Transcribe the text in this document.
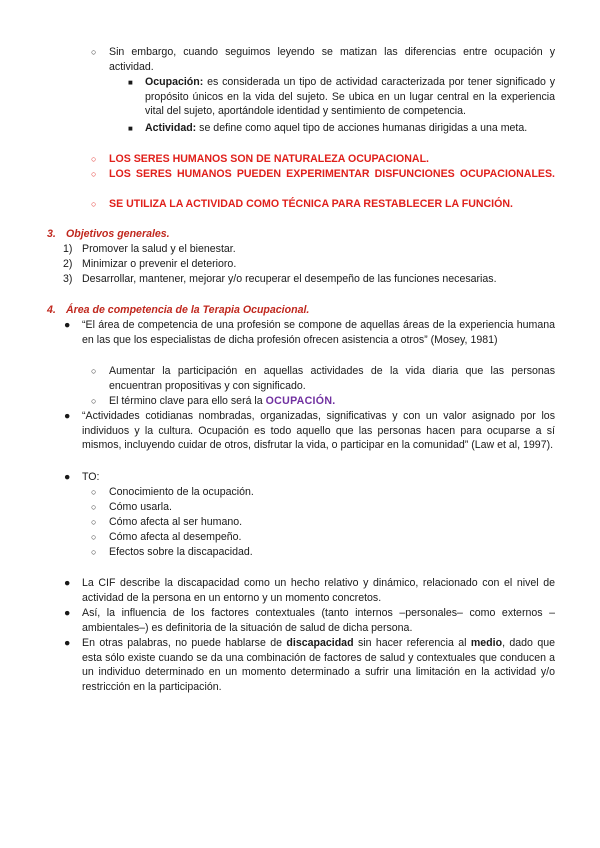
○ Sin embargo, cuando seguimos leyendo se matizan las diferencias entre ocupación y actividad.
■ Ocupación: es considerada un tipo de actividad caracterizada por tener significado y propósito únicos en la vida del sujeto. Se ubica en un lugar central en la experiencia vital del sujeto, aportándole identidad y sentimiento de competencia.
■ Actividad: se define como aquel tipo de acciones humanas dirigidas a una meta.
○ LOS SERES HUMANOS SON DE NATURALEZA OCUPACIONAL.
○ LOS SERES HUMANOS PUEDEN EXPERIMENTAR DISFUNCIONES OCUPACIONALES.
○ SE UTILIZA LA ACTIVIDAD COMO TÉCNICA PARA RESTABLECER LA FUNCIÓN.
3. Objetivos generales.
1) Promover la salud y el bienestar.
2) Minimizar o prevenir el deterioro.
3) Desarrollar, mantener, mejorar y/o recuperar el desempeño de las funciones necesarias.
4. Área de competencia de la Terapia Ocupacional.
● “El área de competencia de una profesión se compone de aquellas áreas de la experiencia humana en las que los especialistas de dicha profesión ofrecen asistencia a otros” (Mosey, 1981)
○ Aumentar la participación en aquellas actividades de la vida diaria que las personas encuentran propositivas y con significado.
○ El término clave para ello será la OCUPACIÓN.
● “Actividades cotidianas nombradas, organizadas, significativas y con un valor asignado por los individuos y la cultura. Ocupación es todo aquello que las personas hacen para ocuparse a sí mismos, incluyendo cuidar de otros, disfrutar la vida, o participar en la comunidad” (Law et al, 1997).
● TO:
○ Conocimiento de la ocupación.
○ Cómo usarla.
○ Cómo afecta al ser humano.
○ Cómo afecta al desempeño.
○ Efectos sobre la discapacidad.
● La CIF describe la discapacidad como un hecho relativo y dinámico, relacionado con el nivel de actividad de la persona en un entorno y un momento concretos.
● Así, la influencia de los factores contextuales (tanto internos –personales– como externos –ambientales–) es definitoria de la situación de salud de dicha persona.
● En otras palabras, no puede hablarse de discapacidad sin hacer referencia al medio, dado que esta sólo existe cuando se da una combinación de factores de salud y contextuales que conducen a un individuo determinado en un momento determinado a sufrir una limitación en la actividad y/o restricción en la participación.
